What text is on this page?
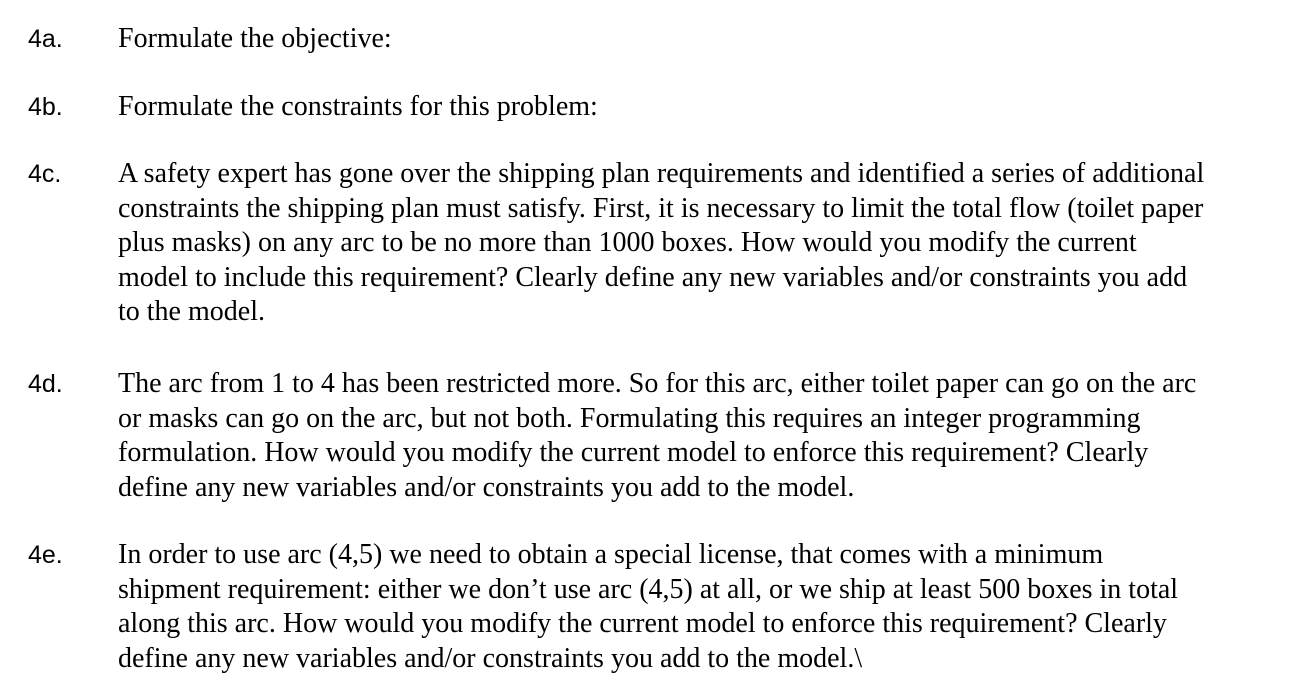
4a. Formulate the objective:
4b. Formulate the constraints for this problem:
4c. A safety expert has gone over the shipping plan requirements and identified a series of additional
constraints the shipping plan must satisfy. First, it is necessary to limit the total flow (toilet paper
plus masks) on any arc to be no more than 1000 boxes. How would you modify the current
model to include this requirement? Clearly define any new variables and/or constraints you add
to the model.
4d. The arc from 1 to 4 has been restricted more. So for this arc, either toilet paper can go on the arc
or masks can go on the arc, but not both. Formulating this requires an integer programming
formulation. How would you modify the current model to enforce this requirement? Clearly
define any new variables and/or constraints you add to the model.
4e. In order to use arc (4,5) we need to obtain a special license, that comes with a minimum
shipment requirement: either we don’t use arc (4,5) at all, or we ship at least 500 boxes in total
along this arc. How would you modify the current model to enforce this requirement? Clearly
define any new variables and/or constraints you add to the model.\
